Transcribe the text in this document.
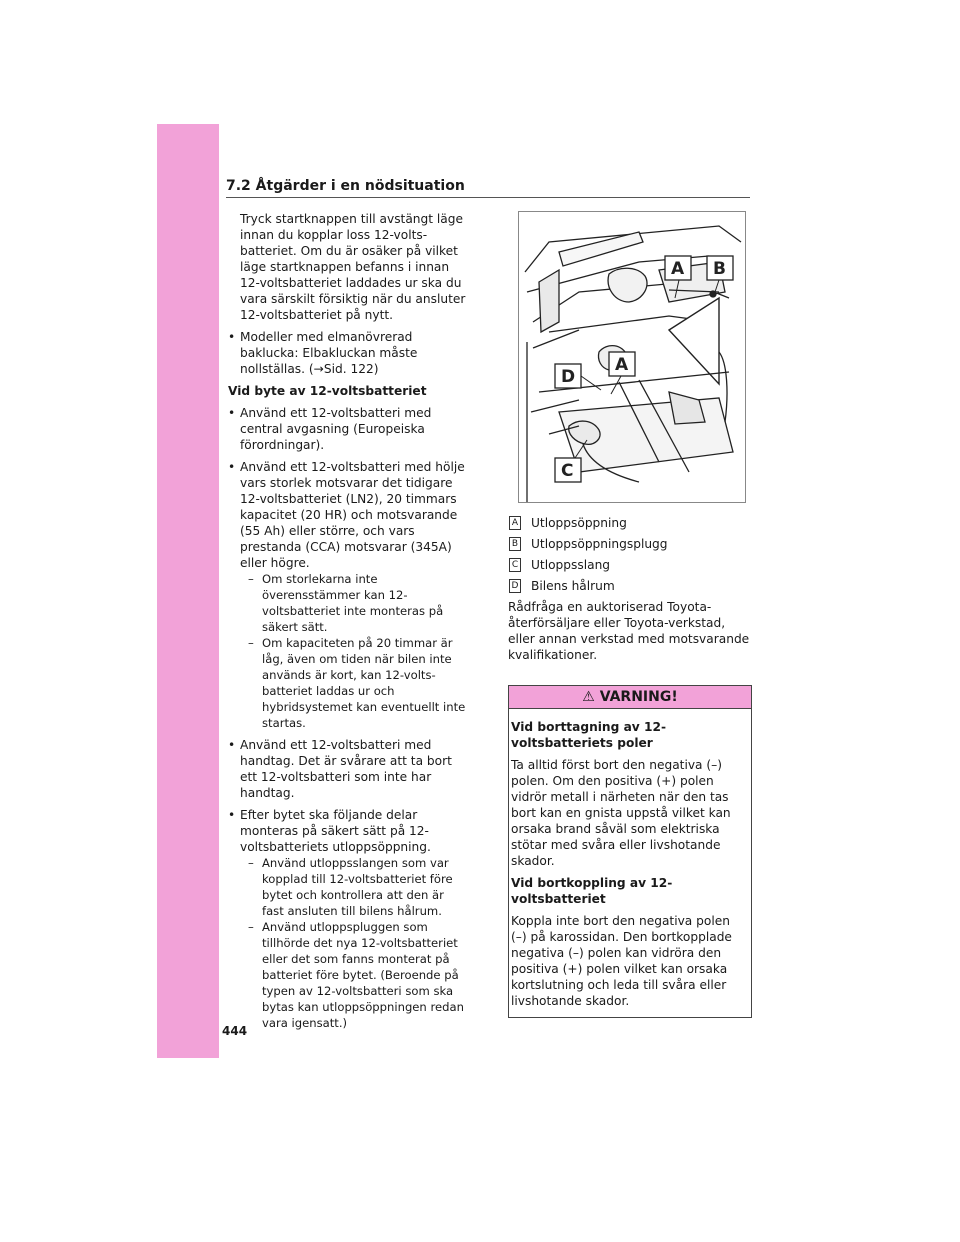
7.2 Åtgärder i en nödsituation

Tryck startknappen till avstängt läge innan du kopplar loss 12-volts-batteriet. Om du är osäker på vilket läge startknappen befanns i innan 12-voltsbatteriet laddades ur ska du vara särskilt försiktig när du ansluter 12-voltsbatteriet på nytt.

• Modeller med elmanövrerad baklucka: Elbakluckan måste nollställas. (→Sid. 122)
Vid byte av 12-voltsbatteriet
• Använd ett 12-voltsbatteri med central avgasning (Europeiska förordningar).
• Använd ett 12-voltsbatteri med hölje vars storlek motsvarar det tidigare 12-voltsbatteriet (LN2), 20 timmars kapacitet (20 HR) och motsvarande (55 Ah) eller större, och vars prestanda (CCA) motsvarar (345A) eller högre.
– Om storlekarna inte överensstämmer kan 12-voltsbatteriet inte monteras på säkert sätt.
– Om kapaciteten på 20 timmar är låg, även om tiden när bilen inte används är kort, kan 12-volts-batteriet laddas ur och hybridsystemet kan eventuellt inte startas.
• Använd ett 12-voltsbatteri med handtag. Det är svårare att ta bort ett 12-voltsbatteri som inte har handtag.
• Efter bytet ska följande delar monteras på säkert sätt på 12-voltsbatteriets utloppsöppning.
– Använd utloppsslangen som var kopplad till 12-voltsbatteriet före bytet och kontrollera att den är fast ansluten till bilens hålrum.
– Använd utloppspluggen som tillhörde det nya 12-voltsbatteriet eller det som fanns monterat på batteriet före bytet. (Beroende på typen av 12-voltsbatteri som ska bytas kan utloppsöppningen redan vara igensatt.)
A B
D
A
C
A Utloppsöppning
B Utloppsöppningsplugg
C Utloppsslang
D Bilens hålrum

Rådfråga en auktoriserad Toyota-återförsäljare eller Toyota-verkstad, eller annan verkstad med motsvarande kvalifikationer.

⚠ VARNING!
Vid borttagning av 12-voltsbatteriets poler

Ta alltid först bort den negativa (–) polen. Om den positiva (+) polen vidrör metall i närheten när den tas bort kan en gnista uppstå vilket kan orsaka brand såväl som elektriska stötar med svåra eller livshotande skador.

Vid bortkoppling av 12-voltsbatteriet

Koppla inte bort den negativa polen (–) på karossidan. Den bortkopplade negativa (–) polen kan vidröra den positiva (+) polen vilket kan orsaka kortslutning och leda till svåra eller livshotande skador.

444
